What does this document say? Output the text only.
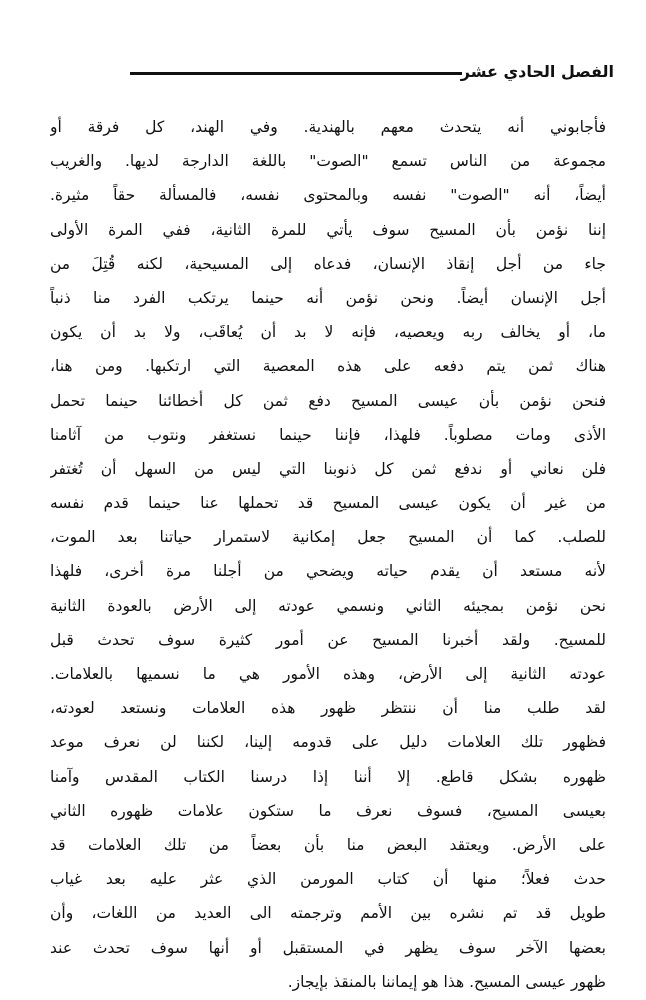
الفصل الحادي عشر
فأجابوني أنه يتحدث معهم بالهندية. وفي الهند، كل فرقة أو
مجموعة من الناس تسمع "الصوت" باللغة الدارجة لديها. والغريب
أيضاً، أنه "الصوت" نفسه وبالمحتوى نفسه، فالمسألة حقاً مثيرة.
إننا نؤمن بأن المسيح سوف يأتي للمرة الثانية، ففي المرة الأولى
جاء من أجل إنقاذ الإنسان، فدعاه إلى المسيحية، لكنه قُتِلَ من
أجل الإنسان أيضاً. ونحن نؤمن أنه حينما يرتكب الفرد منا ذنباً
ما، أو يخالف ربه ويعصيه، فإنه لا بد أن يُعاقَب، ولا بد أن يكون
هناك ثمن يتم دفعه على هذه المعصية التي ارتكبها. ومن هنا،
فنحن نؤمن بأن عيسى المسيح دفع ثمن كل أخطائنا حينما تحمل
الأذى ومات مصلوباً. فلهذا، فإننا حينما نستغفر ونتوب من آثامنا
فلن نعاني أو ندفع ثمن كل ذنوبنا التي ليس من السهل أن تُغتفر
من غير أن يكون عيسى المسيح قد تحملها عنا حينما قدم نفسه
للصلب. كما أن المسيح جعل إمكانية لاستمرار حياتنا بعد الموت،
لأنه مستعد أن يقدم حياته ويضحي من أجلنا مرة أخرى، فلهذا
نحن نؤمن بمجيئه الثاني ونسمي عودته إلى الأرض بالعودة الثانية
للمسيح. ولقد أخبرنا المسيح عن أمور كثيرة سوف تحدث قبل
عودته الثانية إلى الأرض، وهذه الأمور هي ما نسميها بالعلامات.
لقد طلب منا أن ننتظر ظهور هذه العلامات ونستعد لعودته،
فظهور تلك العلامات دليل على قدومه إلينا، لكننا لن نعرف موعد
ظهوره بشكل قاطع. إلا أننا إذا درسنا الكتاب المقدس وآمنا
بعيسى المسيح، فسوف نعرف ما ستكون علامات ظهوره الثاني
على الأرض. ويعتقد البعض منا بأن بعضاً من تلك العلامات قد
حدث فعلاً؛ منها أن كتاب المورمن الذي عثر عليه بعد غياب
طويل قد تم نشره بين الأمم وترجمته الى العديد من اللغات، وأن
بعضها الآخر سوف يظهر في المستقبل أو أنها سوف تحدث عند
ظهور عيسى المسيح. هذا هو إيماننا بالمنقذ بإيجاز.
